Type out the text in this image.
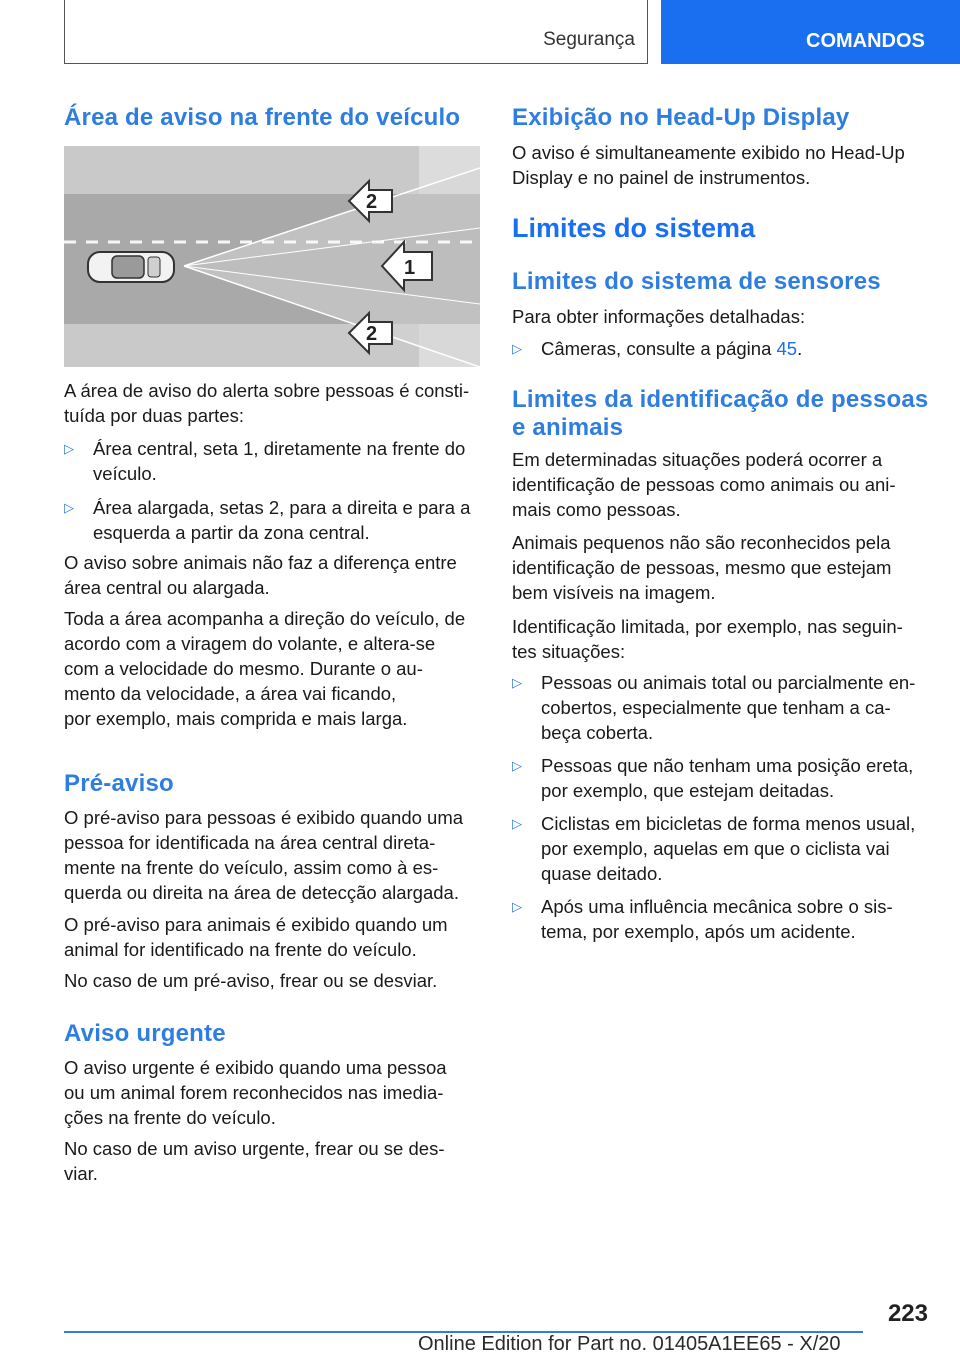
Segurança	COMANDOS
Área de aviso na frente do veículo
2
1
2

A área de aviso do alerta sobre pessoas é consti‐

tuída por duas partes:

▷ Área central, seta 1, diretamente na frente do
veículo.
▷ Área alargada, setas 2, para a direita e para a
esquerda a partir da zona central.

O aviso sobre animais não faz a diferença entre

área central ou alargada.

Toda a área acompanha a direção do veículo, de

acordo com a viragem do volante, e altera-se

com a velocidade do mesmo. Durante o au‐

mento da velocidade, a área vai ficando,

por exemplo, mais comprida e mais larga.

Pré-aviso

O pré-aviso para pessoas é exibido quando uma

pessoa for identificada na área central direta‐

mente na frente do veículo, assim como à es‐

querda ou direita na área de detecção alargada.

O pré-aviso para animais é exibido quando um

animal for identificado na frente do veículo.

No caso de um pré-aviso, frear ou se desviar.

Aviso urgente

O aviso urgente é exibido quando uma pessoa

ou um animal forem reconhecidos nas imedia‐

ções na frente do veículo.

No caso de um aviso urgente, frear ou se des‐

viar.

Exibição no Head-Up Display

O aviso é simultaneamente exibido no Head-Up

Display e no painel de instrumentos.

Limites do sistema
Limites do sistema de sensores

Para obter informações detalhadas:

▷ Câmeras, consulte a página 45.
Limites da identificação de pessoas
e animais

Em determinadas situações poderá ocorrer a

identificação de pessoas como animais ou ani‐

mais como pessoas.

Animais pequenos não são reconhecidos pela

identificação de pessoas, mesmo que estejam

bem visíveis na imagem.

Identificação limitada, por exemplo, nas seguin‐

tes situações:

▷ Pessoas ou animais total ou parcialmente en‐
cobertos, especialmente que tenham a ca‐
beça coberta.
▷ Pessoas que não tenham uma posição ereta,
por exemplo, que estejam deitadas.
▷ Ciclistas em bicicletas de forma menos usual,
por exemplo, aquelas em que o ciclista vai
quase deitado.
▷ Após uma influência mecânica sobre o sis‐
tema, por exemplo, após um acidente.
223
Online Edition for Part no. 01405A1EE65 - X/20
